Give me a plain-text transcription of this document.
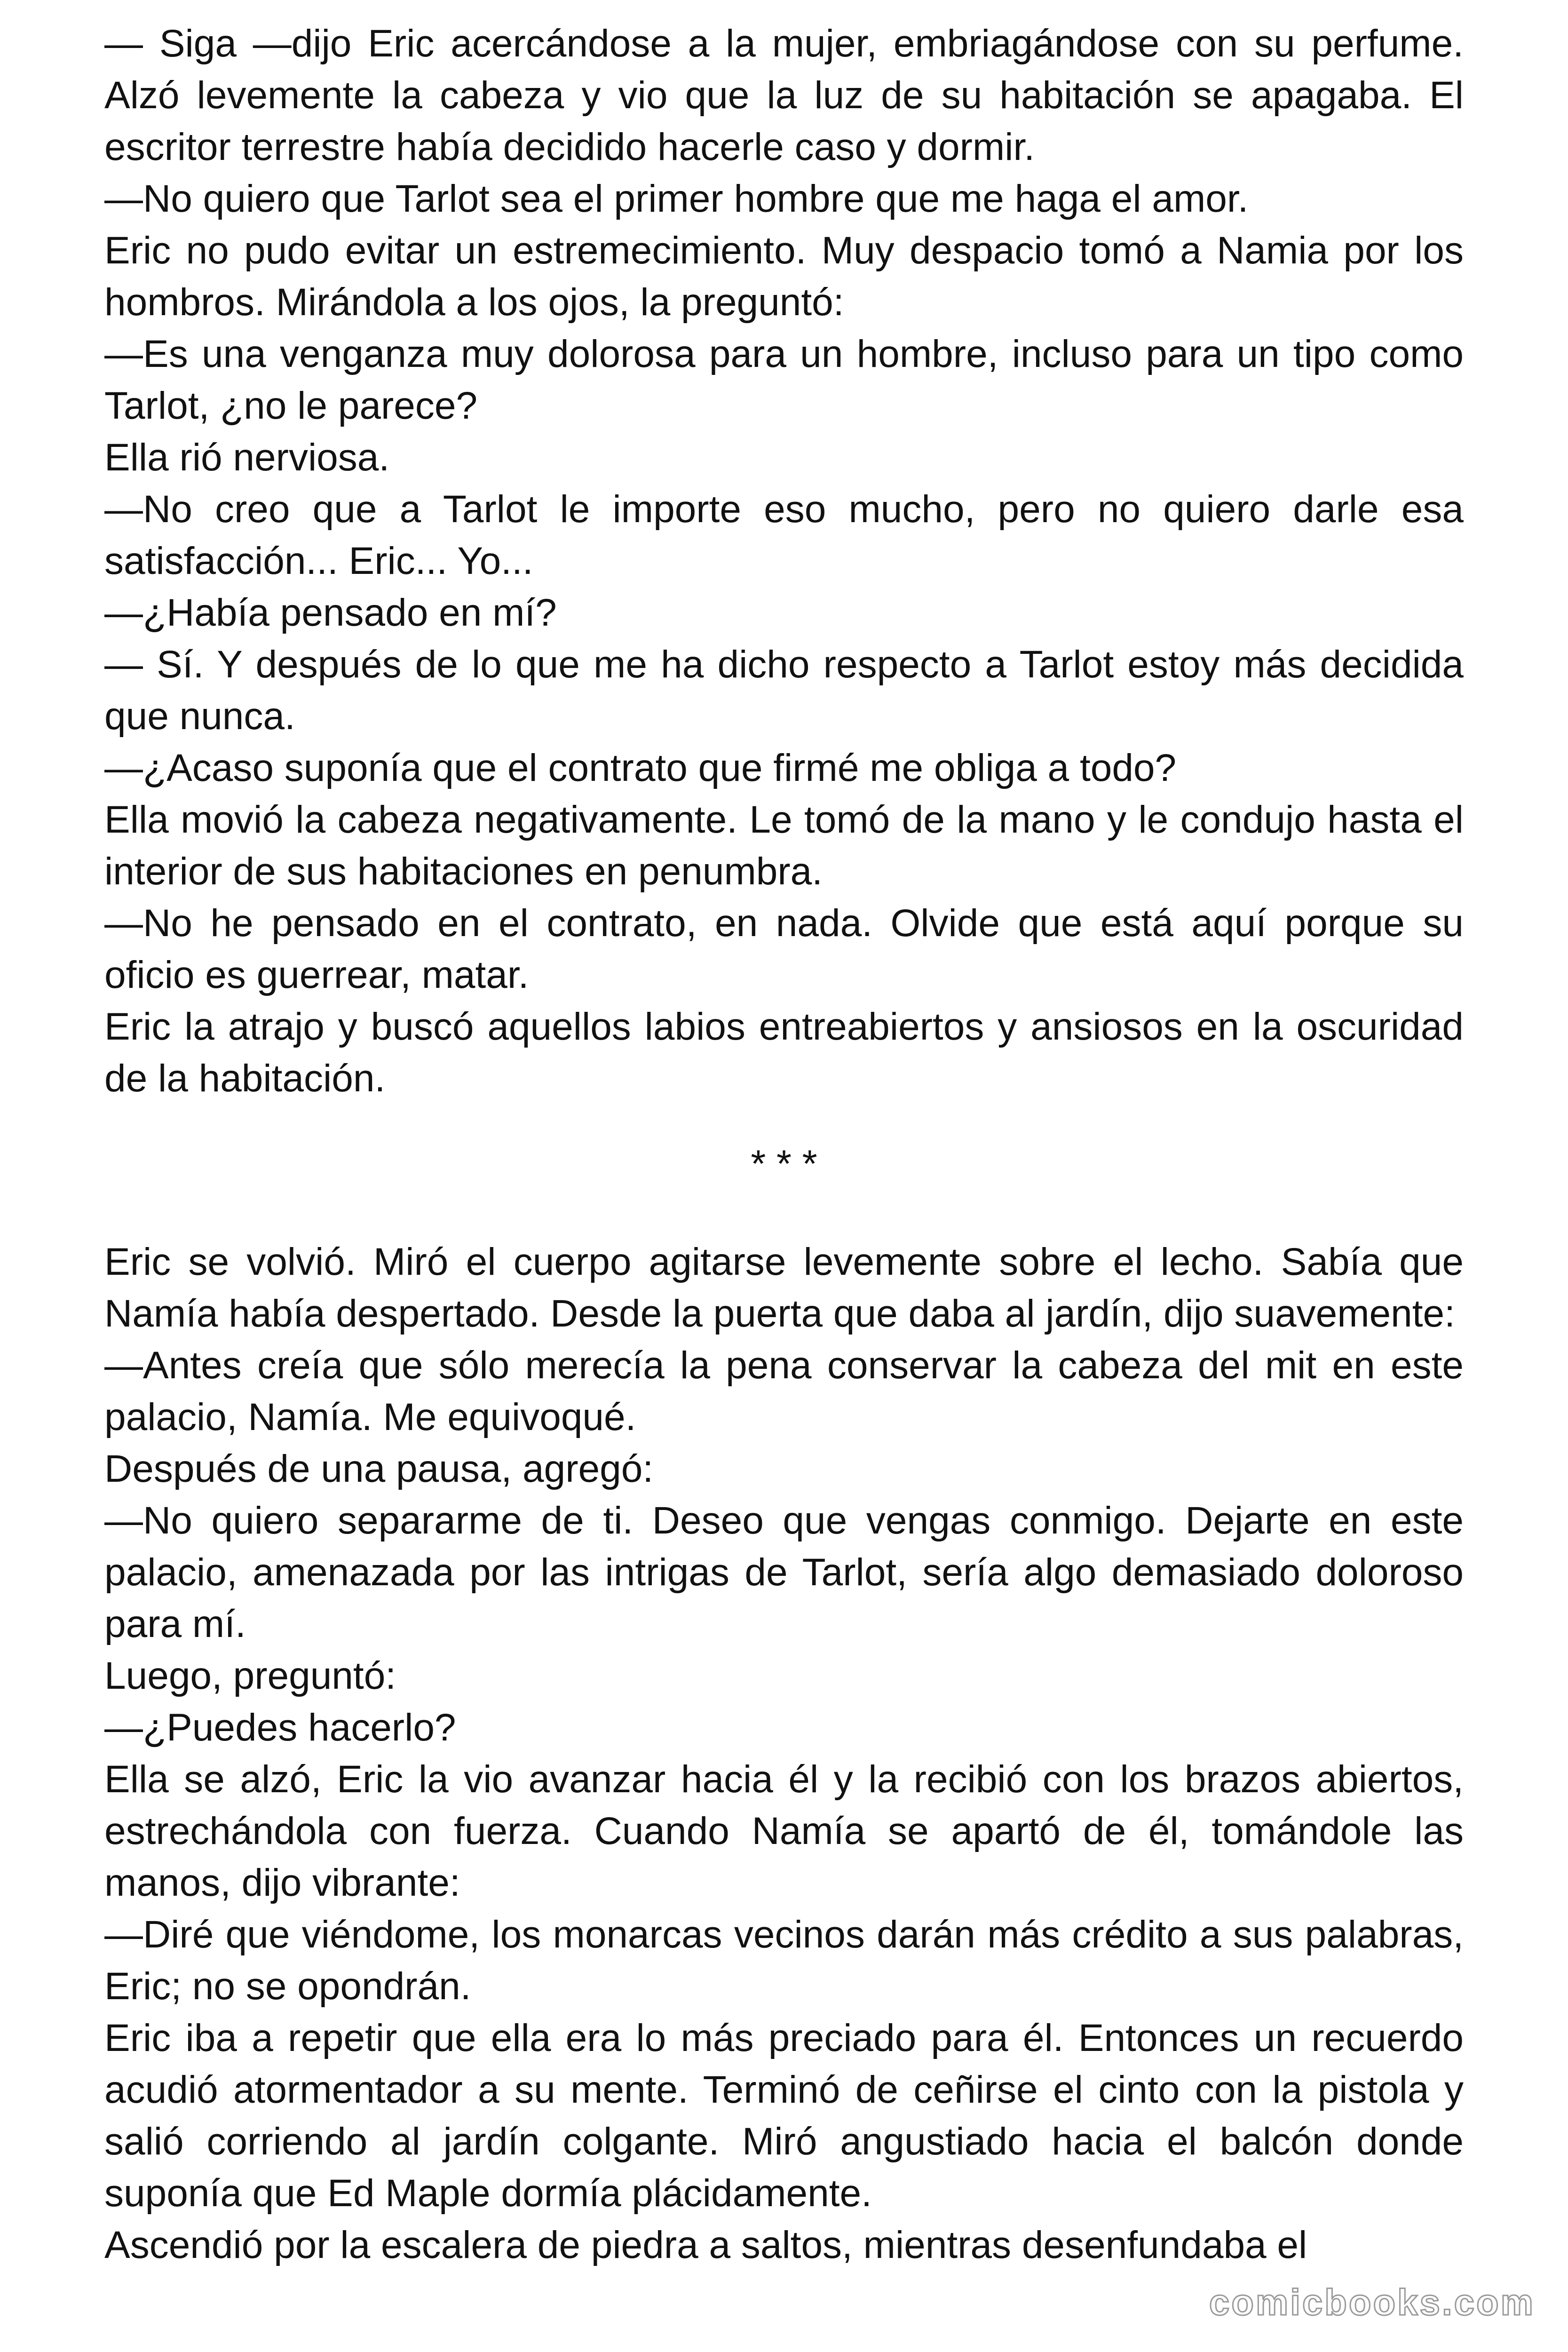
— Siga —dijo Eric acercándose a la mujer, embriagándose con su perfume. Alzó levemente la cabeza y vio que la luz de su habitación se apagaba. El escritor terrestre había decidido hacerle caso y dormir.

—No quiero que Tarlot sea el primer hombre que me haga el amor.

Eric no pudo evitar un estremecimiento. Muy despacio tomó a Namia por los hombros. Mirándola a los ojos, la preguntó:

—Es una venganza muy dolorosa para un hombre, incluso para un tipo como Tarlot, ¿no le parece?

Ella rió nerviosa.

—No creo que a Tarlot le importe eso mucho, pero no quiero darle esa satisfacción... Eric... Yo...

—¿Había pensado en mí?

— Sí. Y después de lo que me ha dicho respecto a Tarlot estoy más decidida que nunca.

—¿Acaso suponía que el contrato que firmé me obliga a todo?

Ella movió la cabeza negativamente. Le tomó de la mano y le condujo hasta el interior de sus habitaciones en penumbra.

—No he pensado en el contrato, en nada. Olvide que está aquí porque su oficio es guerrear, matar.

Eric la atrajo y buscó aquellos labios entreabiertos y ansiosos en la oscuridad de la habitación.

* * *

Eric se volvió. Miró el cuerpo agitarse levemente sobre el lecho. Sabía que Namía había despertado. Desde la puerta que daba al jardín, dijo suavemente:

—Antes creía que sólo merecía la pena conservar la cabeza del mit en este palacio, Namía. Me equivoqué.

Después de una pausa, agregó:

—No quiero separarme de ti. Deseo que vengas conmigo. Dejarte en este palacio, amenazada por las intrigas de Tarlot, sería algo demasiado doloroso para mí.

Luego, preguntó:

—¿Puedes hacerlo?

Ella se alzó, Eric la vio avanzar hacia él y la recibió con los brazos abiertos, estrechándola con fuerza. Cuando Namía se apartó de él, tomándole las manos, dijo vibrante:

—Diré que viéndome, los monarcas vecinos darán más crédito a sus palabras, Eric; no se opondrán.

Eric iba a repetir que ella era lo más preciado para él. Entonces un recuerdo acudió atormentador a su mente. Terminó de ceñirse el cinto con la pistola y salió corriendo al jardín colgante. Miró angustiado hacia el balcón donde suponía que Ed Maple dormía plácidamente.

Ascendió por la escalera de piedra a saltos, mientras desenfundaba el

comicbooks.com
